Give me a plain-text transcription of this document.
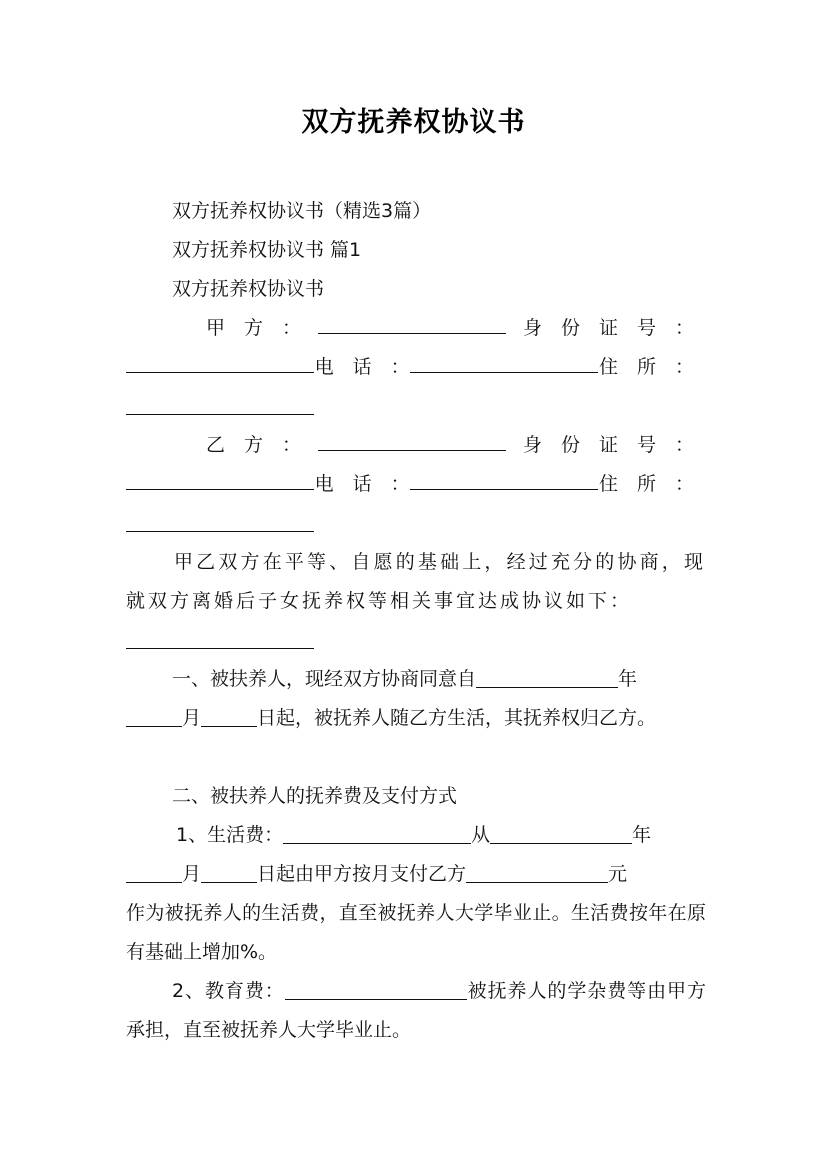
双方抚养权协议书
双方抚养权协议书（精选3篇）
双方抚养权协议书 篇1
双方抚养权协议书
甲　方　：	身　份　证　号　：
电　话　：	住　所　：
乙　方　：	身　份　证　号　：
电　话　：	住　所　：
甲乙双方在平等、自愿的基础上，经过充分的协商，现就双方离婚后子女抚养权等相关事宜达成协议如下：
一、被扶养人，现经双方协商同意自	年
月	日起，被抚养人随乙方生活，其抚养权归乙方。
二、被扶养人的抚养费及支付方式
1、生活费：	从	年
月	日起由甲方按月支付乙方	元
作为被抚养人的生活费，直至被抚养人大学毕业止。生活费按年在原有基础上增加%。
2、教育费：	被抚养人的学杂费等由甲方承担，直至被抚养人大学毕业止。
